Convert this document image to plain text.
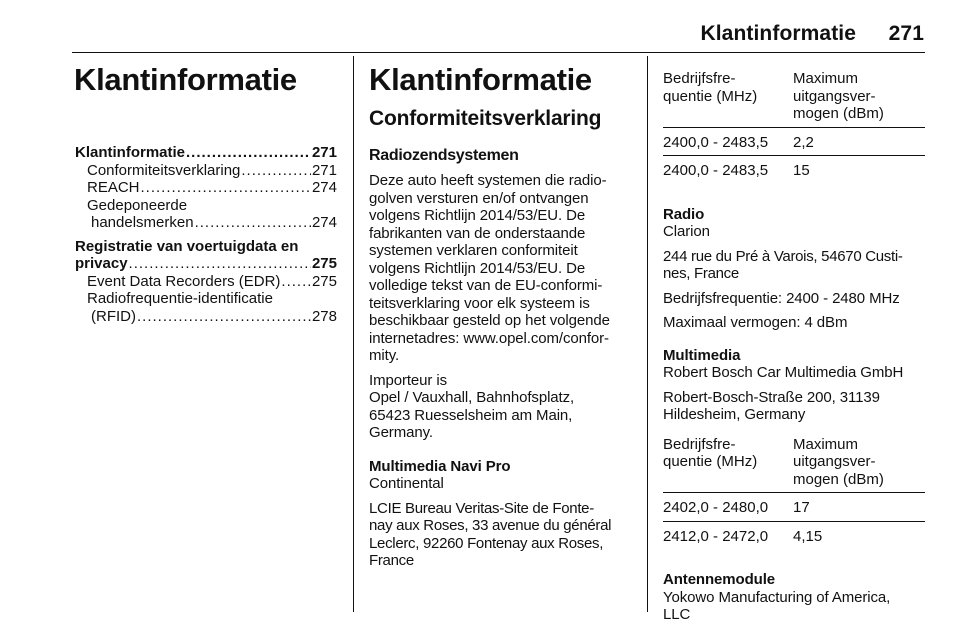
Klantinformatie 271
Klantinformatie
Klantinformatie .....	271
Conformiteitsverklaring .....	271
REACH .....	274
Gedeponeerde
handelsmerken .....	274
Registratie van voertuigdata en
privacy .....	275
Event Data Recorders (EDR) ..... 275
Radiofrequentie-identificatie
(RFID) .....	278
Klantinformatie
Conformiteitsverklaring
Radiozendsystemen
Deze auto heeft systemen die radio-
golven versturen en/of ontvangen
volgens Richtlijn 2014/53/EU. De
fabrikanten van de onderstaande
systemen verklaren conformiteit
volgens Richtlijn 2014/53/EU. De
volledige tekst van de EU-conformi-
teitsverklaring voor elk systeem is
beschikbaar gesteld op het volgende
internetadres: www.opel.com/confor-
mity.
Importeur is
Opel / Vauxhall, Bahnhofsplatz,
65423 Ruesselsheim am Main,
Germany.
Multimedia Navi Pro
Continental
LCIE Bureau Veritas-Site de Fonte-
nay aux Roses, 33 avenue du général
Leclerc, 92260 Fontenay aux Roses,
France
Bedrijfsfre-
quentie (MHz)
Maximum
uitgangsver-
mogen (dBm)
2400,0 - 2483,5	2,2
2400,0 - 2483,5	15
Radio
Clarion
244 rue du Pré à Varois, 54670 Custi-
nes, France
Bedrijfsfrequentie: 2400 - 2480 MHz
Maximaal vermogen: 4 dBm
Multimedia
Robert Bosch Car Multimedia GmbH
Robert-Bosch-Straße 200, 31139
Hildesheim, Germany
Bedrijfsfre-
quentie (MHz)
Maximum
uitgangsver-
mogen (dBm)
2402,0 - 2480,0	17
2412,0 - 2472,0	4,15
Antennemodule
Yokowo Manufacturing of America,
LLC
